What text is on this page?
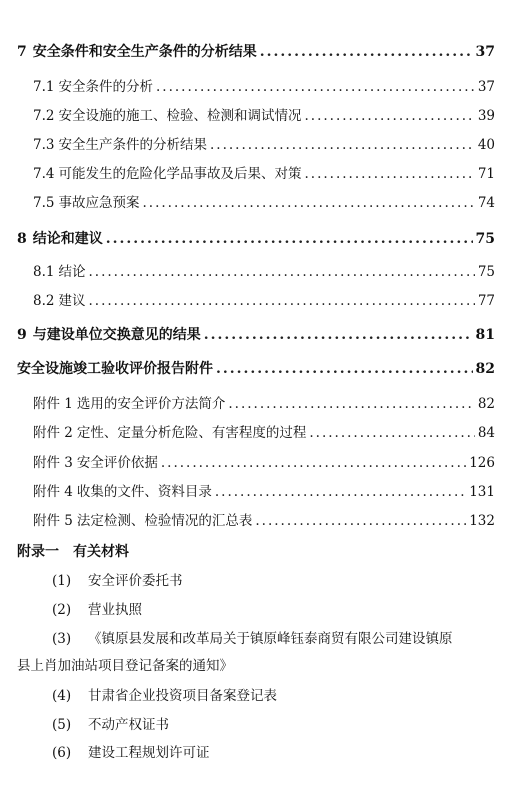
7 安全条件和安全生产条件的分析结果 .....	37
7.1 安全条件的分析 .....	37
7.2 安全设施的施工、检验、检测和调试情况 .....	39
7.3 安全生产条件的分析结果 .....	40
7.4 可能发生的危险化学品事故及后果、对策 .....	71
7.5 事故应急预案 .....	74
8 结论和建议 .....	75
8.1 结论 .....	75
8.2 建议 .....	77
9 与建设单位交换意见的结果 .....	81
安全设施竣工验收评价报告附件 .....	82
附件 1 选用的安全评价方法简介 .....	82
附件 2 定性、定量分析危险、有害程度的过程 .....	84
附件 3 安全评价依据 .....	126
附件 4 收集的文件、资料目录 .....	131
附件 5 法定检测、检验情况的汇总表 .....	132
附录一 有关材料
(1) 安全评价委托书
(2) 营业执照
(3) 《镇原县发展和改革局关于镇原峰钰泰商贸有限公司建设镇原
县上肖加油站项目登记备案的通知》
(4) 甘肃省企业投资项目备案登记表
(5) 不动产权证书
(6) 建设工程规划许可证
